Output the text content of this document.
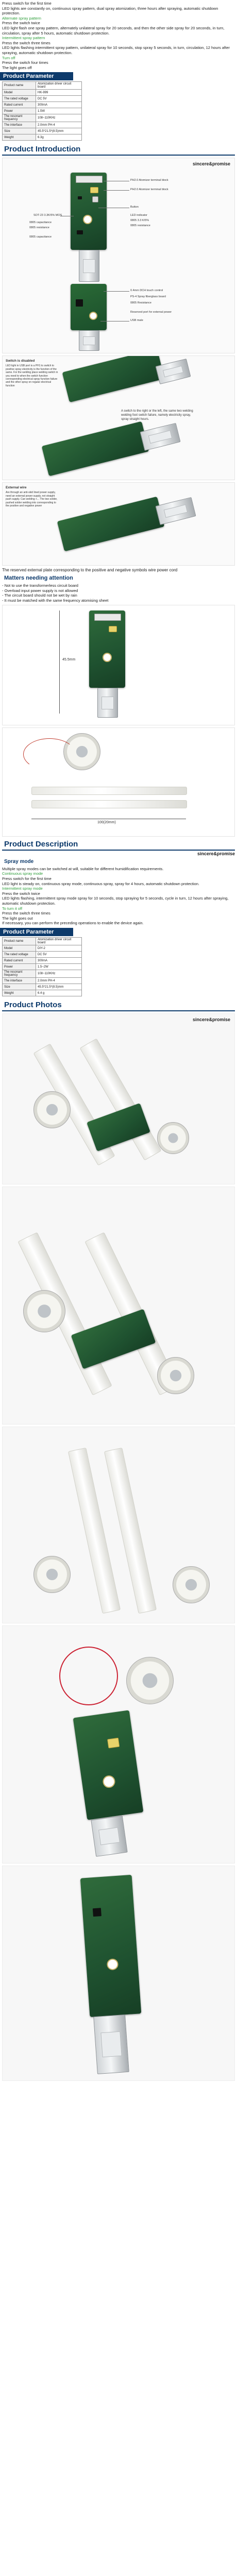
Press switch for the first time

LED lights are constantly on, continuous spray pattern, dual spray atomization, three hours after spraying, automatic shutdown protection.

Alternate spray pattern

Press the switch twice

LED light flash one spray pattern, alternately unilateral spray for 20 seconds, and then the other side spray for 20 seconds, in turn, circulation, spray after 5 hours, automatic shutdown protection.

Intermittent spray pattern

Press the switch three times

LED lights flashing intermittent spray pattern, unilateral spray for 10 seconds, stop spray 5 seconds, in turn, circulation, 12 hours after spraying, automatic shutdown protection.

Turn off

Press the switch four times

The light goes off

Product Parameter
Product name	Atomization driver circuit board
Model	HK-999
The rated voltage	DC 5V
Rated current	300mA
Power	1.5W
The resonant frequency	108~110KHz
The interface	2.0mm PH-4
Size	45.5*21.5*(8.5)mm
Weight	6.3g
Product Introduction
sincere&promise
PH2.0 Atomizer terminal block
PH2.0 Atomizer terminal block
Button
LED indicator
0805 3.3 K/5%
0805 resistance
SOT-23 3.3K/5% MOS
0805 capacitance
0805 resistance
0805 capacitance
0.4mm DCH touch control
PS-4 Spray fiberglass board
0805 Resistance
Reserved port for external power
USB male
Switch is disabled
LED light in USB port is a PH1 to switch to positive spray electricity is the function of the same. For the welding place welding switch in you need to when the switch function corresponding electrical spray function failure and the other spray on regular electrical function
A switch to the right or the left, the same two welding welding foot switch failure, namely electricity spray, spray straight hours.
External wire
Are through an anti-skid lined power supply, need an external power supply, not straight push supply. Can welding +... The two solder, pushed solder welding into corresponding to the positive and negative power
The reserved external plate corresponding to the positive and negative symbols wire power cord
Matters needing attention

- Not to use the transformerless circuit board

- Overload input power supply is not allowed

- The circuit board should not be wet by rain

- It must be matched with the same frequency atomising sheet

45.5mm
100(20mm)
Product Description
sincere&promise
Spray mode

Multiple spray modes can be switched at will, suitable for different humidification requirements.

Continuous spray mode

Press switch for the first time

LED light is steady on, continuous spray mode, continuous spray, spray for 4 hours, automatic shutdown protection.

Intermittent spray mode

Press the switch twice

LED lights flashing, intermittent spray mode spray for 10 seconds, stop spraying for 5 seconds, cycle in turn, 12 hours after spraying, automatic shutdown protection.

To turn it off

Press the switch three times

The light goes out

If necessary, you can perform the preceding operations to enable the device again.

Product Parameter
Product name	Atomization driver circuit board
Model	DIY-2
The rated voltage	DC 5V
Rated current	300mA
Power	1.5~2W
The resonant frequency	108~110KHz
The interface	2.0mm PH-4
Size	45.5*21.5*(8.5)mm
Weight	6.4 g
Product Photos
sincere&promise
